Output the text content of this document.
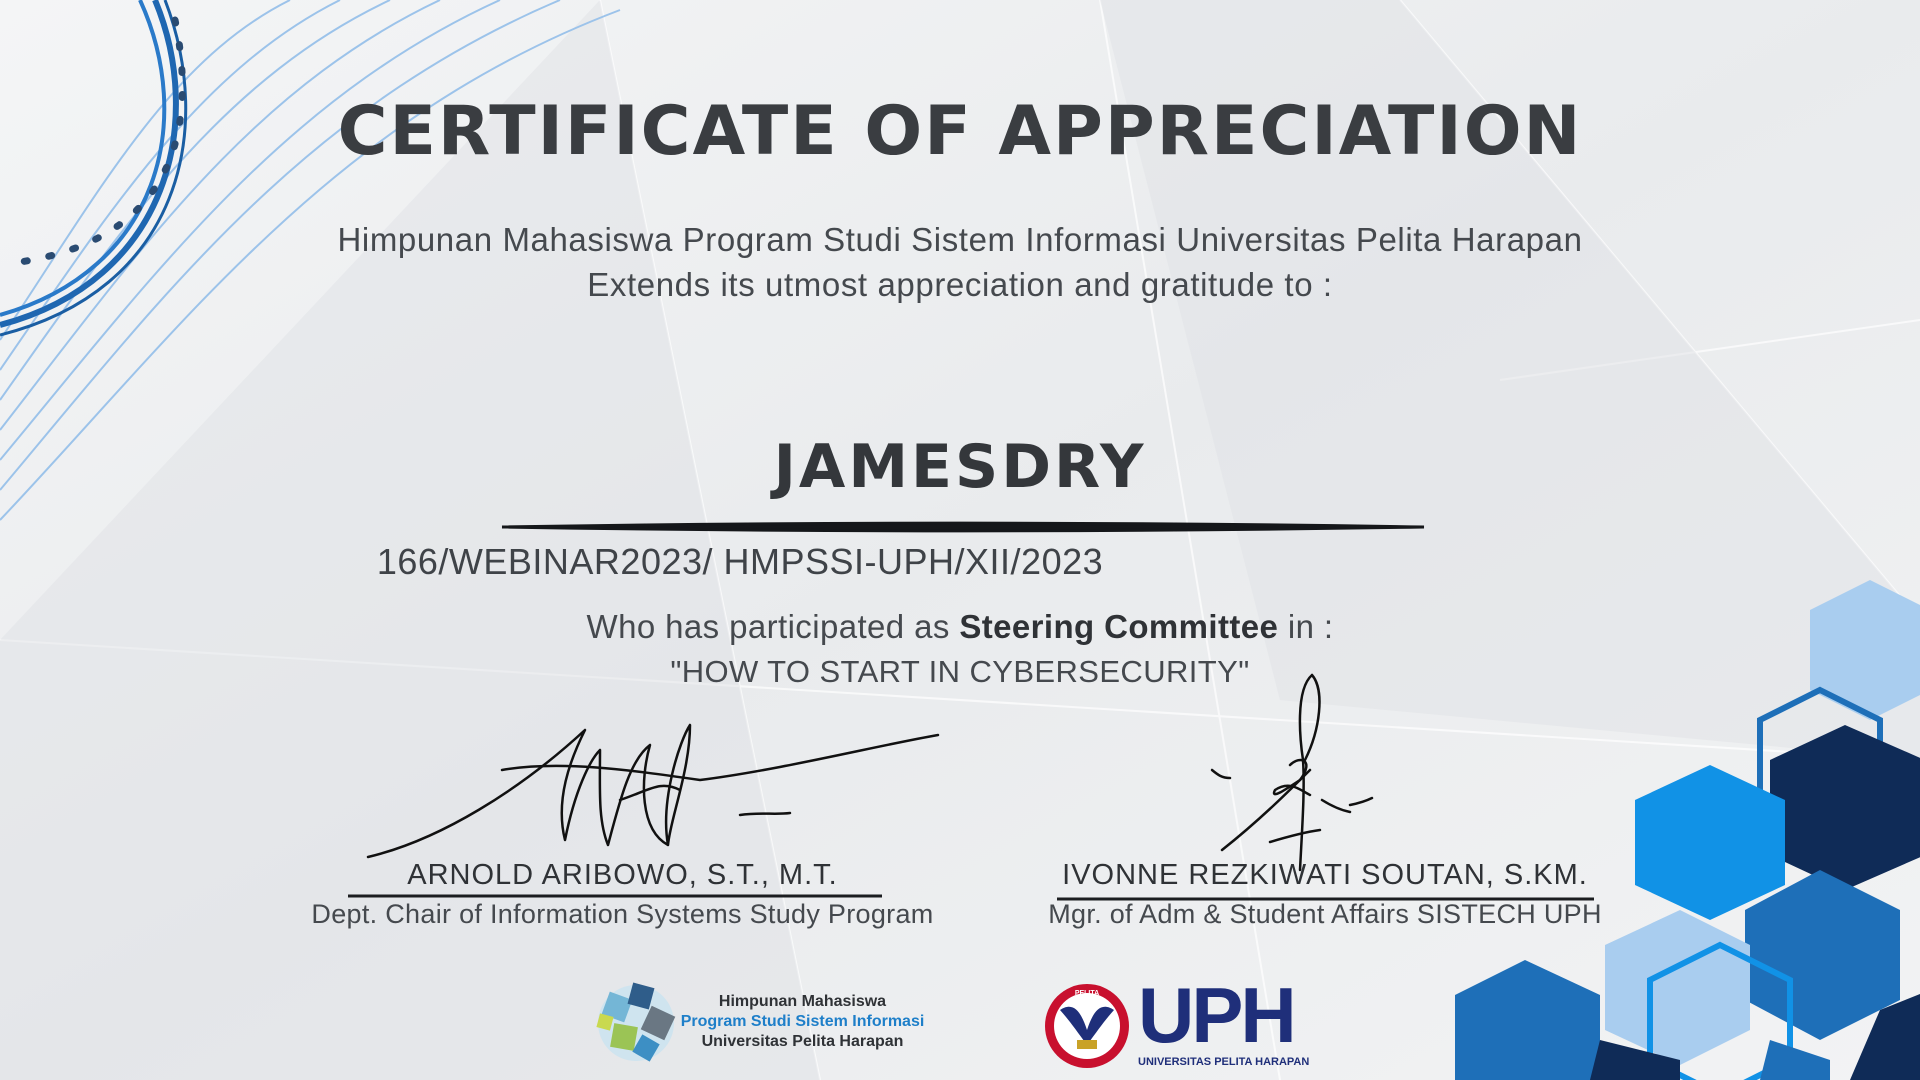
CERTIFICATE OF APPRECIATION
Himpunan Mahasiswa Program Studi Sistem Informasi Universitas Pelita Harapan
Extends its utmost appreciation and gratitude to :
JAMESDRY
166/WEBINAR2023/ HMPSSI-UPH/XII/2023
Who has participated as Steering Committee in :
"HOW TO START IN CYBERSECURITY"
ARNOLD ARIBOWO, S.T., M.T.
Dept. Chair of Information Systems Study Program
IVONNE REZKIWATI SOUTAN, S.KM.
Mgr. of Adm & Student Affairs SISTECH UPH
Himpunan Mahasiswa
Program Studi Sistem Informasi
Universitas Pelita Harapan	UPH
UNIVERSITAS PELITA HARAPAN
PELITA
